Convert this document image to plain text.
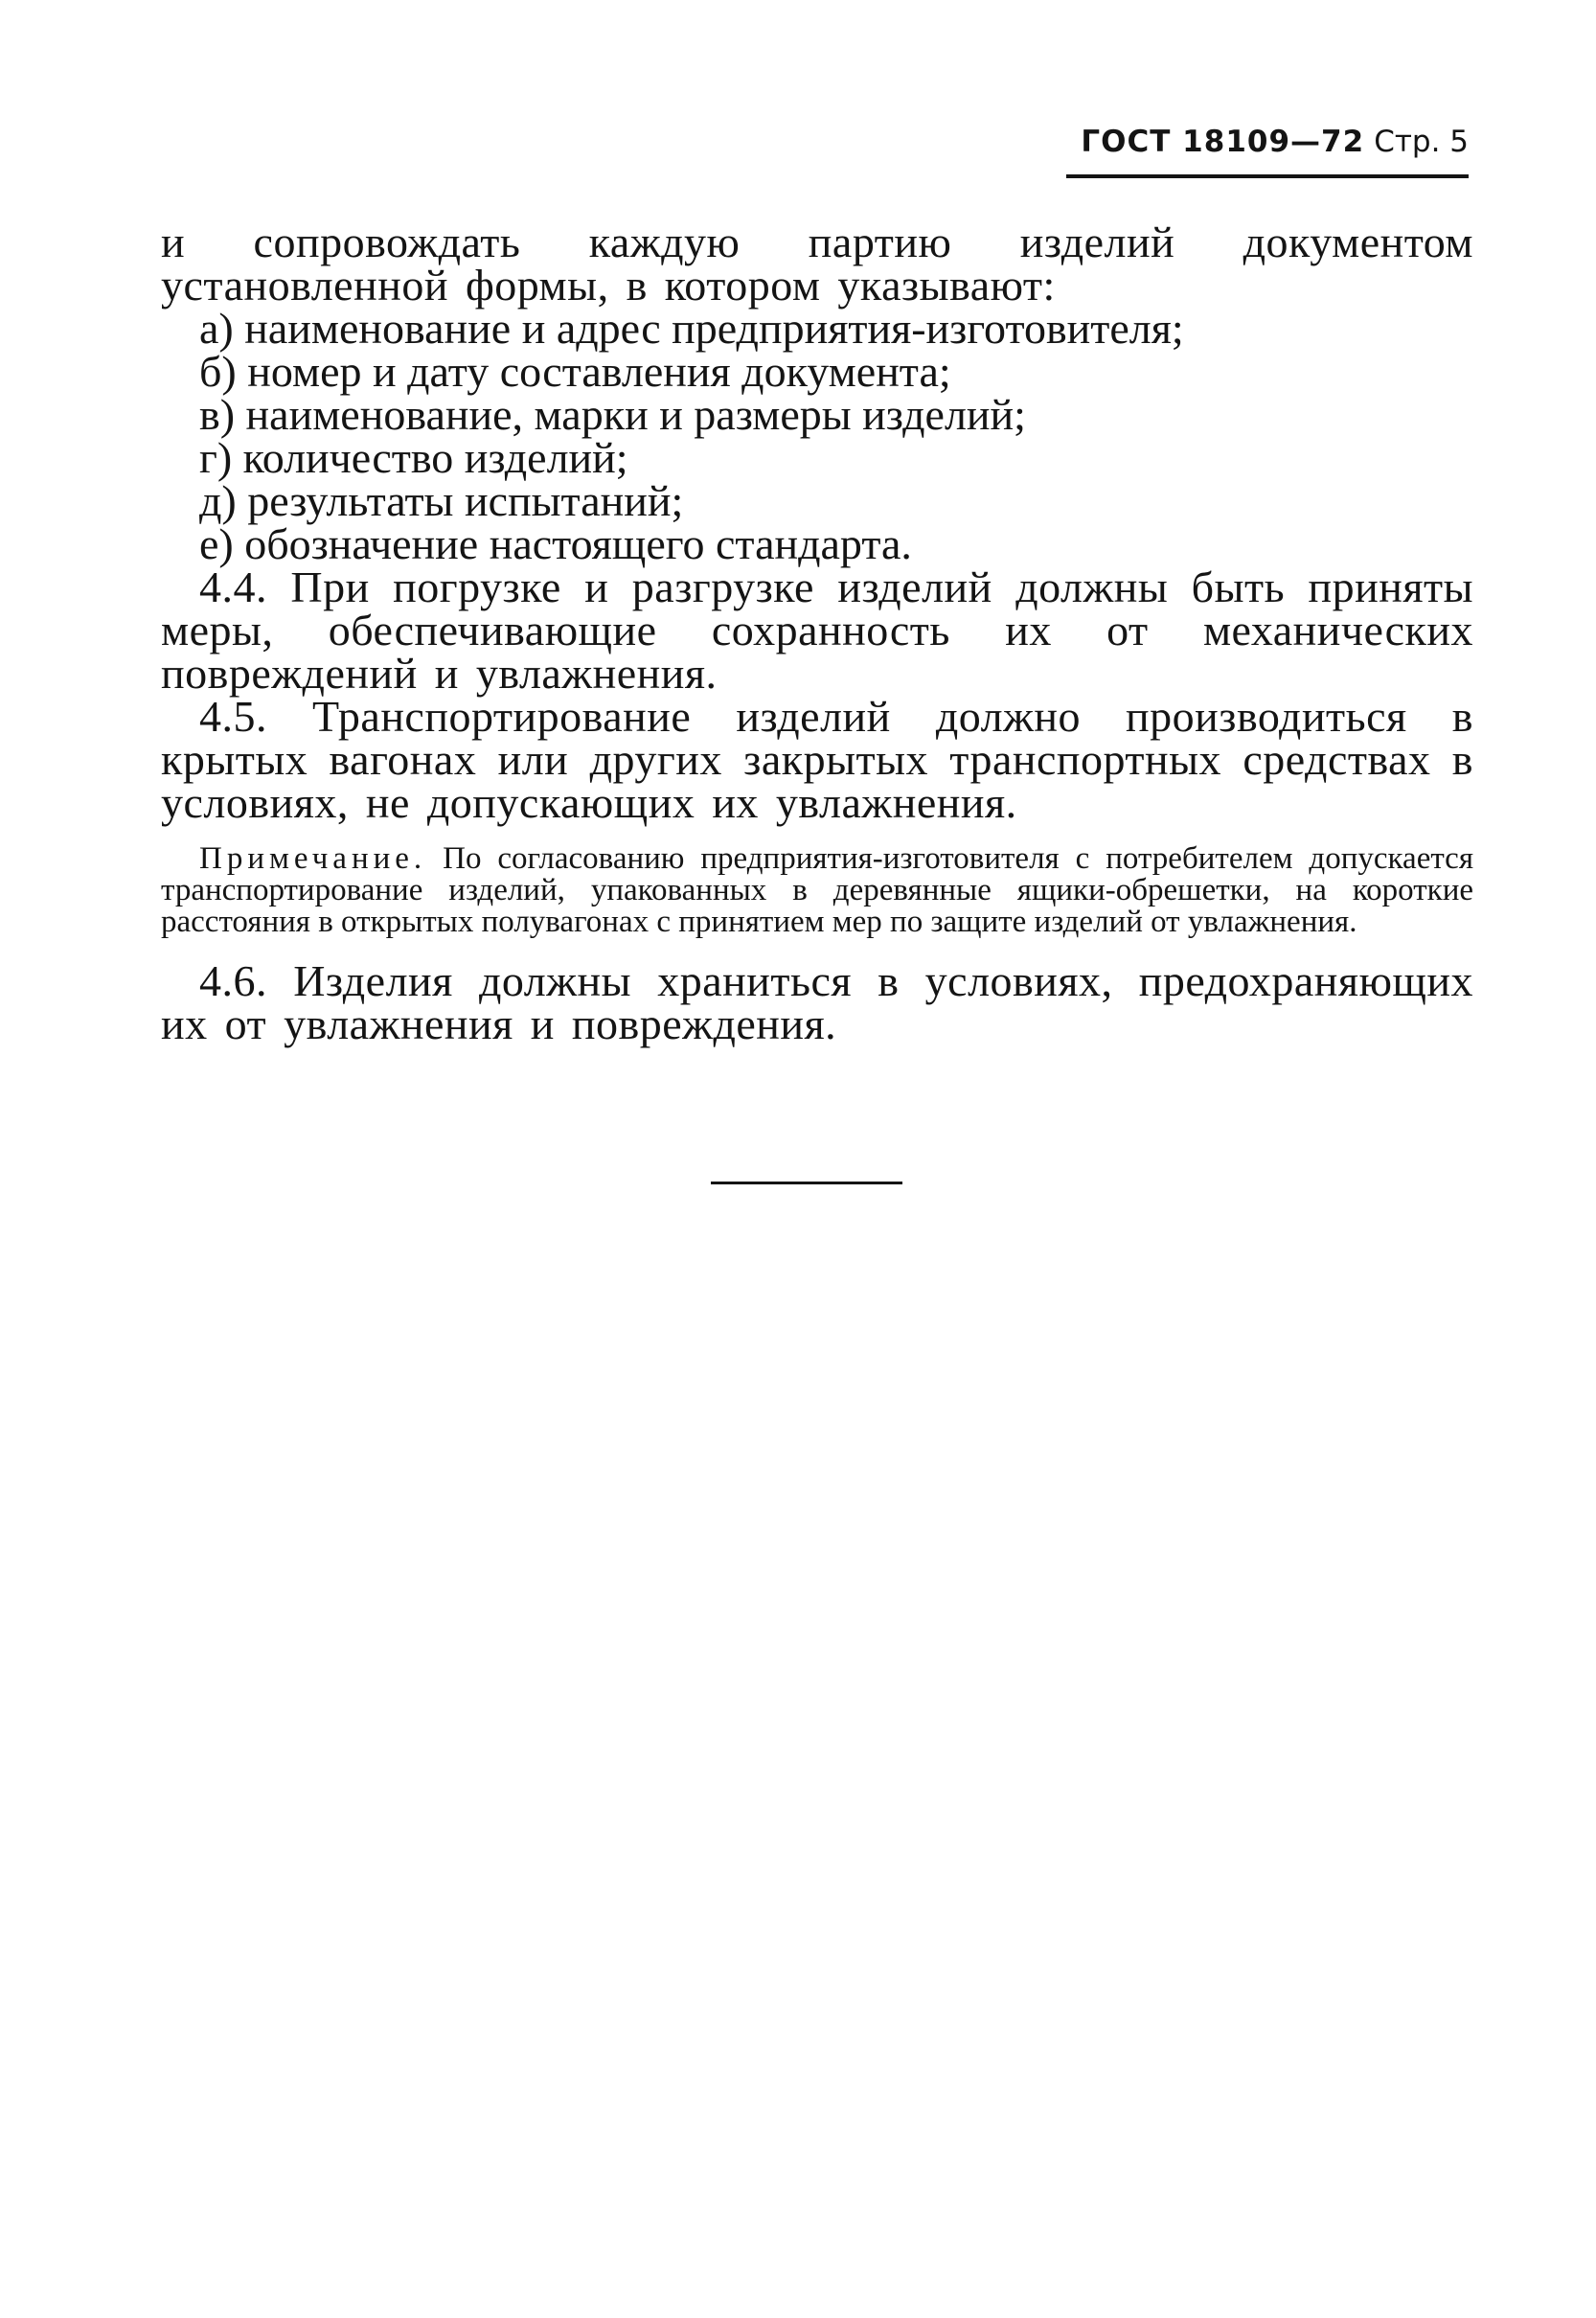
ГОСТ 18109—72 Стр. 5

и сопровождать каждую партию изделий документом установленной формы, в котором указывают:

а) наименование и адрес предприятия-изготовителя;

б) номер и дату составления документа;

в) наименование, марки и размеры изделий;

г) количество изделий;

д) результаты испытаний;

е) обозначение настоящего стандарта.

4.4. При погрузке и разгрузке изделий должны быть приняты меры, обеспечивающие сохранность их от механических повреждений и увлажнения.

4.5. Транспортирование изделий должно производиться в крытых вагонах или других закрытых транспортных средствах в условиях, не допускающих их увлажнения.

Примечание. По согласованию предприятия-изготовителя с потребителем допускается транспортирование изделий, упакованных в деревянные ящики-обрешетки, на короткие расстояния в открытых полувагонах с принятием мер по защите изделий от увлажнения.

4.6. Изделия должны храниться в условиях, предохраняющих их от увлажнения и повреждения.
